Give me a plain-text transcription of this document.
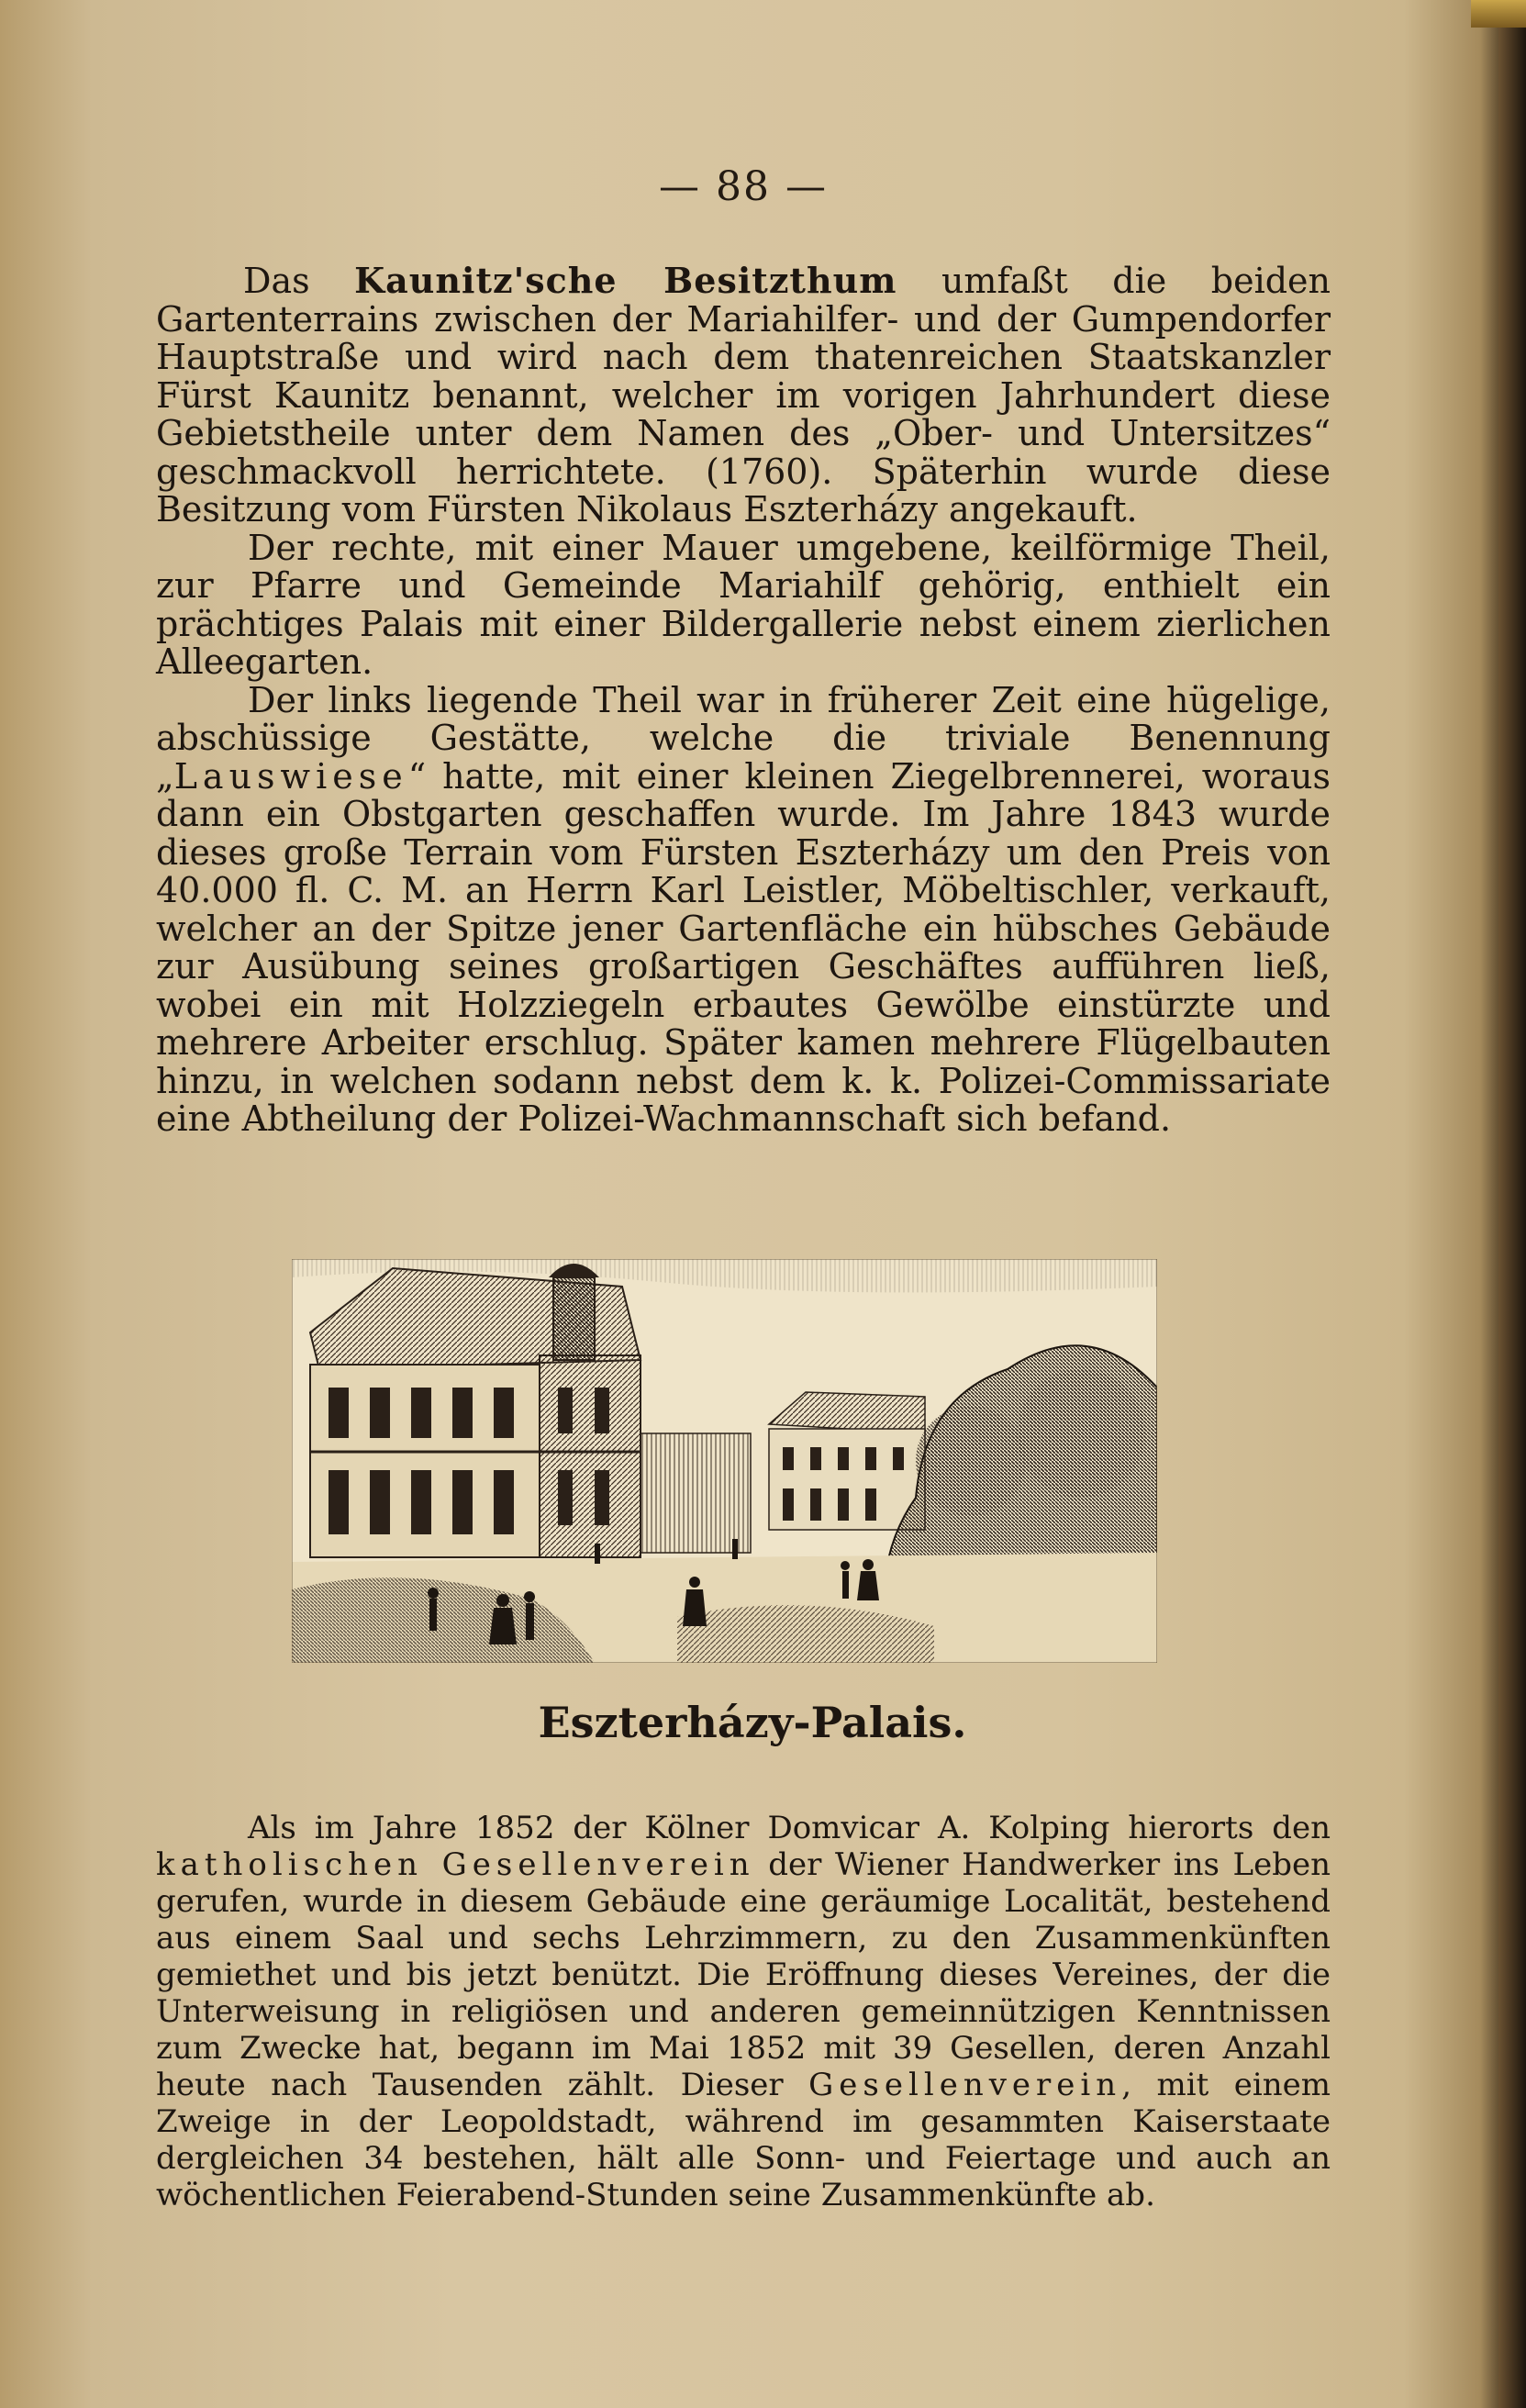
— 88 —

Das Kaunitz'sche Besitzthum umfaßt die beiden Gartenterrains zwischen der Mariahilfer- und der Gumpendorfer Hauptstraße und wird nach dem thatenreichen Staatskanzler Fürst Kaunitz benannt, welcher im vorigen Jahrhundert diese Gebietstheile unter dem Namen des „Ober- und Untersitzes“ geschmackvoll herrichtete. (1760). Späterhin wurde diese Besitzung vom Fürsten Nikolaus Eszterházy angekauft.

Der rechte, mit einer Mauer umgebene, keilförmige Theil, zur Pfarre und Gemeinde Mariahilf gehörig, enthielt ein prächtiges Palais mit einer Bildergallerie nebst einem zierlichen Alleegarten.

Der links liegende Theil war in früherer Zeit eine hügelige, abschüssige Gestätte, welche die triviale Benennung „Lauswiese“ hatte, mit einer kleinen Ziegelbrennerei, woraus dann ein Obstgarten geschaffen wurde. Im Jahre 1843 wurde dieses große Terrain vom Fürsten Eszterházy um den Preis von 40.000 fl. C. M. an Herrn Karl Leistler, Möbeltischler, verkauft, welcher an der Spitze jener Gartenfläche ein hübsches Gebäude zur Ausübung seines großartigen Geschäftes aufführen ließ, wobei ein mit Holzziegeln erbautes Gewölbe einstürzte und mehrere Arbeiter erschlug. Später kamen mehrere Flügelbauten hinzu, in welchen sodann nebst dem k. k. Polizei-Commissariate eine Abtheilung der Polizei-Wachmannschaft sich befand.

Eszterházy-Palais.

Als im Jahre 1852 der Kölner Domvicar A. Kolping hierorts den katholischen Gesellenverein der Wiener Handwerker ins Leben gerufen, wurde in diesem Gebäude eine geräumige Localität, bestehend aus einem Saal und sechs Lehrzimmern, zu den Zusammenkünften gemiethet und bis jetzt benützt. Die Eröffnung dieses Vereines, der die Unterweisung in religiösen und anderen gemeinnützigen Kenntnissen zum Zwecke hat, begann im Mai 1852 mit 39 Gesellen, deren Anzahl heute nach Tausenden zählt. Dieser Gesellenverein, mit einem Zweige in der Leopoldstadt, während im gesammten Kaiserstaate dergleichen 34 bestehen, hält alle Sonn- und Feiertage und auch an wöchentlichen Feierabend-Stunden seine Zusammenkünfte ab.
